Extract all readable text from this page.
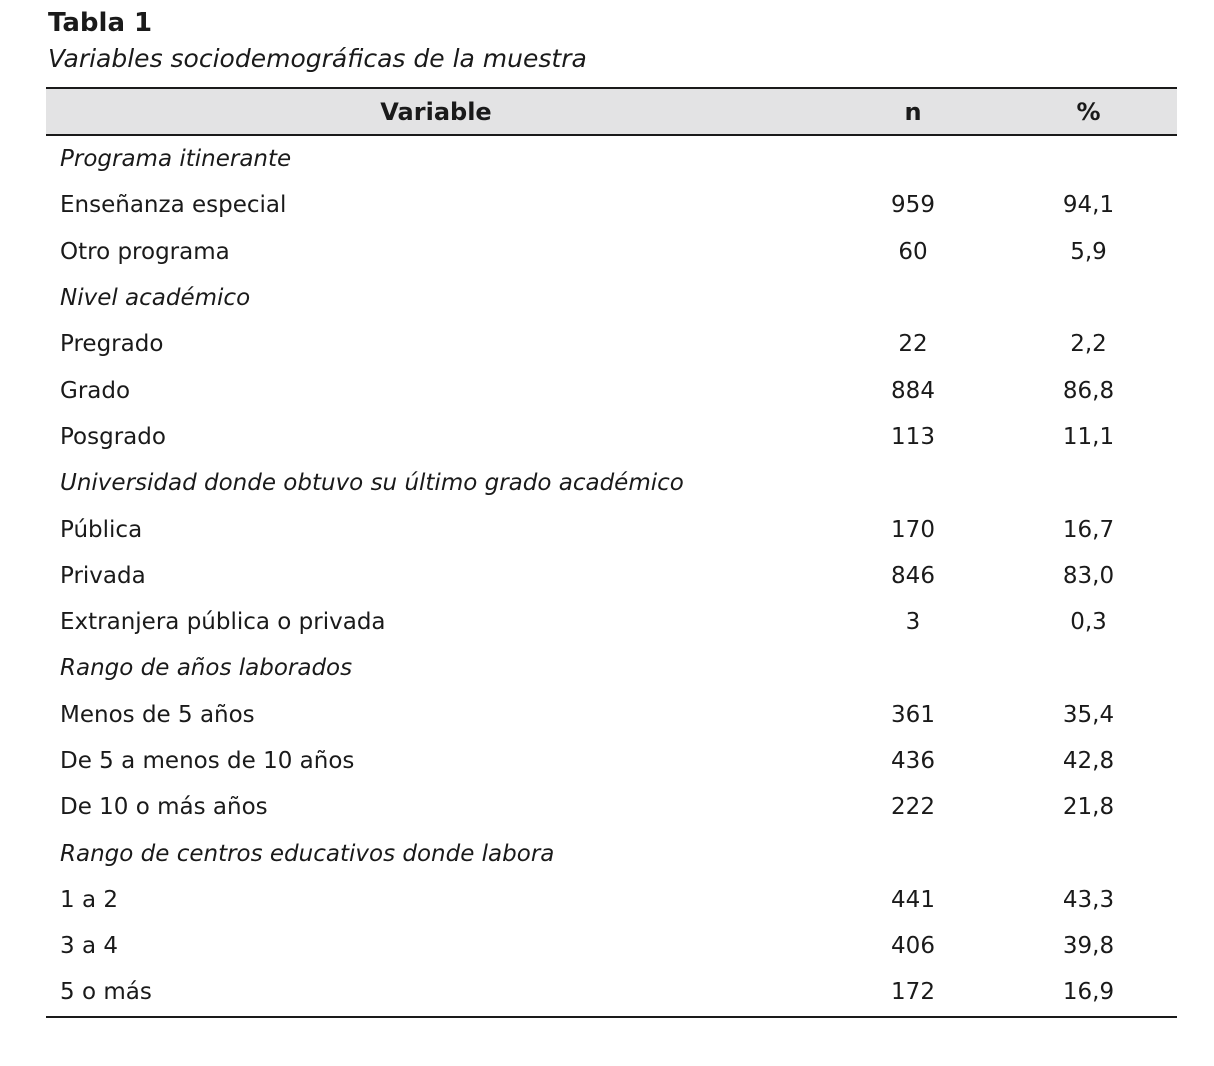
Tabla 1
Variables sociodemográficas de la muestra
Variable	n	%
Programa itinerante		
Enseñanza especial	959	94,1
Otro programa	60	5,9
Nivel académico		
Pregrado	22	2,2
Grado	884	86,8
Posgrado	113	11,1
Universidad donde obtuvo su último grado académico		
Pública	170	16,7
Privada	846	83,0
Extranjera pública o privada	3	0,3
Rango de años laborados		
Menos de 5 años	361	35,4
De 5 a menos de 10 años	436	42,8
De 10 o más años	222	21,8
Rango de centros educativos donde labora		
1 a 2	441	43,3
3 a 4	406	39,8
5 o más	172	16,9
